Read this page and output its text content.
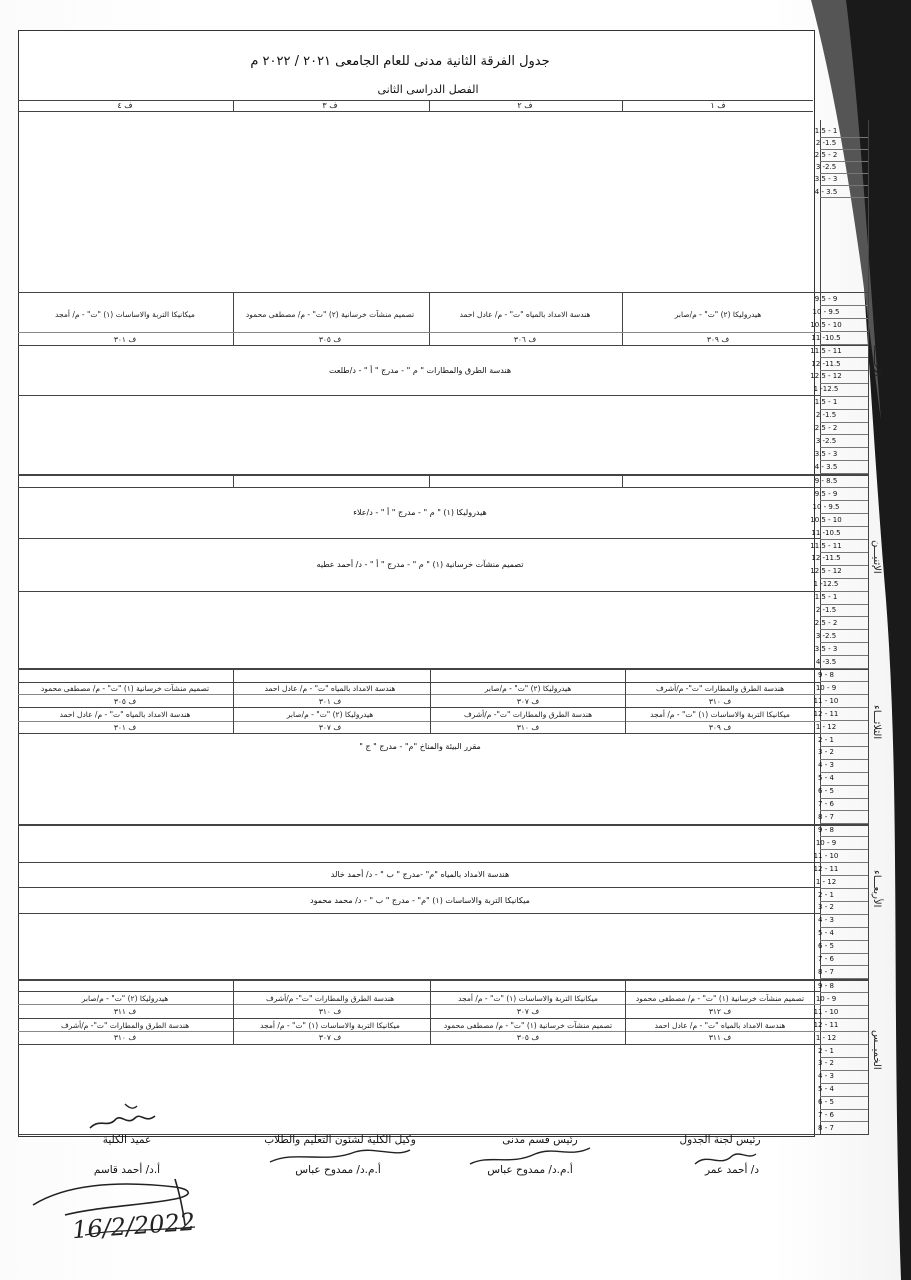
جدول الفرقة الثانية مدنى للعام الجامعى ٢٠٢١ / ٢٠٢٢ م
الفصل الدراسى الثانى
ف ١
ف ٢
ف ٣
ف ٤
هيدروليكا (٢) "ت" - م/صابر
ف ٣٠٩
هندسة الامداد بالمياه "ت" - م/ عادل احمد
ف ٣٠٦
تصميم منشآت خرسانية (٢) "ت" - م/ مصطفى محمود
ف ٣٠٥
ميكانيكا التربة والاساسات (١) "ت" - م/ أمجد
ف ٣٠١
هندسة الطرق والمطارات " م " - مدرج " أ " - د/طلعت
هيدروليكا (١) " م " - مدرج " أ " - د/علاء
تصميم منشآت خرسانية (١) " م " - مدرج " أ " - د/ أحمد عطيه
هندسة الطرق والمطارات "ت"- م/أشرف
ف ٣١٠
هيدروليكا (٢) "ت" - م/صابر
ف ٣٠٧
هندسة الامداد بالمياه "ت" - م/ عادل احمد
ف ٣٠١
تصميم منشآت خرسانية (١) "ت" - م/ مصطفى محمود
ف ٣٠٥
ميكانيكا التربة والاساسات (١) "ت" - م/ أمجد
ف ٣٠٩
هندسة الطرق والمطارات "ت"- م/أشرف
ف ٣١٠
هيدروليكا (٢) "ت" - م/صابر
ف ٣٠٧
هندسة الامداد بالمياه "ت" - م/ عادل احمد
ف ٣٠١
مقرر البيئة والمناخ "م" - مدرج " ج "
هندسة الامداد بالمياه "م" -مدرج " ب " - د/ أحمد خالد
ميكانيكا التربة والاساسات (١) "م" - مدرج " ب " - د/ محمد محمود
تصميم منشآت خرسانية (١) "ت" - م/ مصطفى محمود
ف ٣١٢
ميكانيكا التربة والاساسات (١) "ت" - م/ أمجد
ف ٣٠٧
هندسة الطرق والمطارات "ت"- م/أشرف
ف ٣١٠
هيدروليكا (٢) "ت" - م/صابر
ف ٣١١
هندسة الامداد بالمياه "ت" - م/ عادل احمد
ف ٣١١
تصميم منشآت خرسانية (١) "ت" - م/ مصطفى محمود
ف ٣٠٥
ميكانيكا التربة والاساسات (١) "ت" - م/ أمجد
ف ٣٠٧
هندسة الطرق والمطارات "ت"- م/أشرف
ف ٣١٠
1.5 - 1
2 -1.5
2.5 - 2
3 -2.5
3.5 - 3
4 - 3.5
9.5 - 9
10 - 9.5
10.5 - 10
11 -10.5
11.5 - 11
12 -11.5
12.5 - 12
1 -12.5
1.5 - 1
2 -1.5
2.5 - 2
3 -2.5
3.5 - 3
4 - 3.5
9 - 8.5
9.5 - 9
10 - 9.5
10.5 - 10
11 -10.5
11.5 - 11
12 -11.5
12.5 - 12
1 -12.5
1.5 - 1
2 -1.5
2.5 - 2
3 -2.5
3.5 - 3
4 -3.5
9 - 8
10 - 9
11 - 10
12 - 11
1 - 12
2 - 1
3 - 2
4 - 3
5 - 4
6 - 5
7 - 6
8 - 7
9 - 8
10 - 9
11 - 10
12 - 11
1 - 12
2 - 1
3 - 2
4 - 3
5 - 4
6 - 5
7 - 6
8 - 7
9 - 8
10 - 9
11 - 10
12 - 11
1 - 12
2 - 1
3 - 2
4 - 3
5 - 4
6 - 5
7 - 6
8 - 7
الأحــــد
الإثنيـــن
الثلاثـــاء
الأربعـــاء
الخميــس
عميد الكلية
أ.د/ أحمد قاسم
وكيل الكلية لشئون التعليم والطلاب
أ.م.د/ ممدوح عباس
رئيس قسم مدنى
أ.م.د/ ممدوح عباس
رئيس لجنة الجدول
د/ أحمد عمر
16/2/2022
